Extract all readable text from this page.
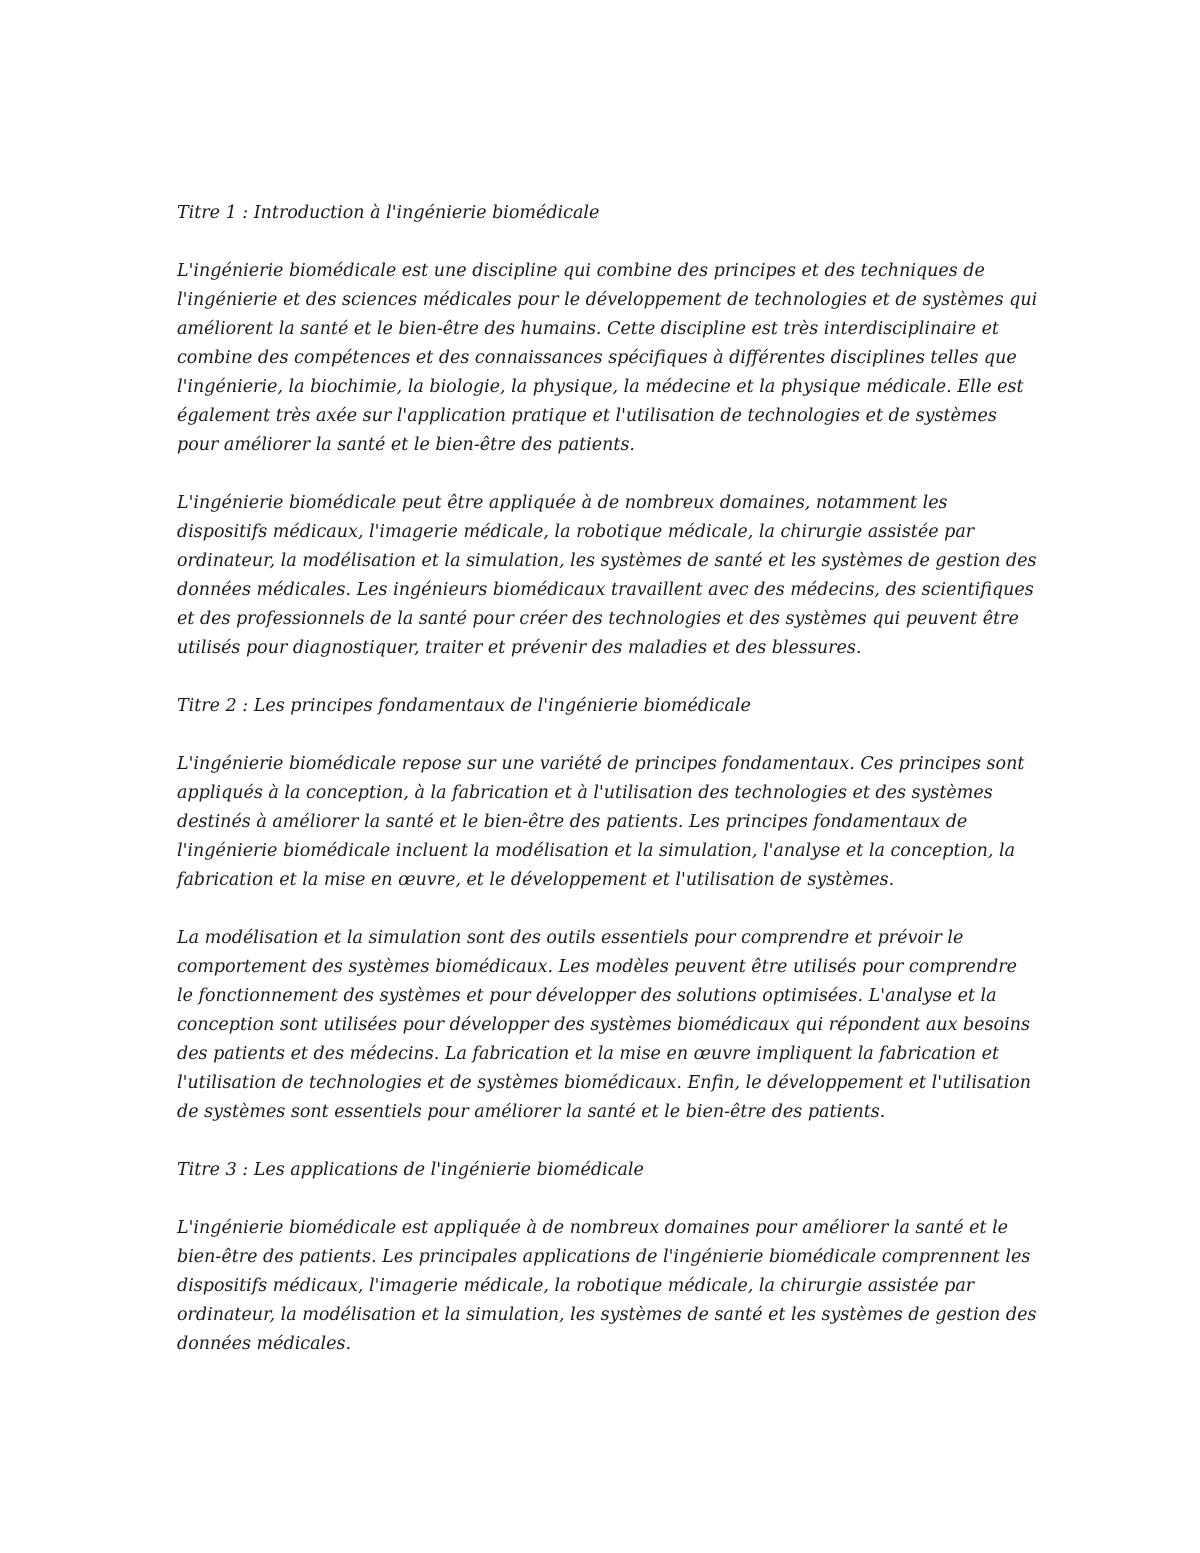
Titre 1 : Introduction à l'ingénierie biomédicale

L'ingénierie biomédicale est une discipline qui combine des principes et des techniques de
l'ingénierie et des sciences médicales pour le développement de technologies et de systèmes qui
améliorent la santé et le bien-être des humains. Cette discipline est très interdisciplinaire et
combine des compétences et des connaissances spécifiques à différentes disciplines telles que
l'ingénierie, la biochimie, la biologie, la physique, la médecine et la physique médicale. Elle est
également très axée sur l'application pratique et l'utilisation de technologies et de systèmes
pour améliorer la santé et le bien-être des patients.

L'ingénierie biomédicale peut être appliquée à de nombreux domaines, notamment les
dispositifs médicaux, l'imagerie médicale, la robotique médicale, la chirurgie assistée par
ordinateur, la modélisation et la simulation, les systèmes de santé et les systèmes de gestion des
données médicales. Les ingénieurs biomédicaux travaillent avec des médecins, des scientifiques
et des professionnels de la santé pour créer des technologies et des systèmes qui peuvent être
utilisés pour diagnostiquer, traiter et prévenir des maladies et des blessures.

Titre 2 : Les principes fondamentaux de l'ingénierie biomédicale

L'ingénierie biomédicale repose sur une variété de principes fondamentaux. Ces principes sont
appliqués à la conception, à la fabrication et à l'utilisation des technologies et des systèmes
destinés à améliorer la santé et le bien-être des patients. Les principes fondamentaux de
l'ingénierie biomédicale incluent la modélisation et la simulation, l'analyse et la conception, la
fabrication et la mise en œuvre, et le développement et l'utilisation de systèmes.

La modélisation et la simulation sont des outils essentiels pour comprendre et prévoir le
comportement des systèmes biomédicaux. Les modèles peuvent être utilisés pour comprendre
le fonctionnement des systèmes et pour développer des solutions optimisées. L'analyse et la
conception sont utilisées pour développer des systèmes biomédicaux qui répondent aux besoins
des patients et des médecins. La fabrication et la mise en œuvre impliquent la fabrication et
l'utilisation de technologies et de systèmes biomédicaux. Enfin, le développement et l'utilisation
de systèmes sont essentiels pour améliorer la santé et le bien-être des patients.

Titre 3 : Les applications de l'ingénierie biomédicale

L'ingénierie biomédicale est appliquée à de nombreux domaines pour améliorer la santé et le
bien-être des patients. Les principales applications de l'ingénierie biomédicale comprennent les
dispositifs médicaux, l'imagerie médicale, la robotique médicale, la chirurgie assistée par
ordinateur, la modélisation et la simulation, les systèmes de santé et les systèmes de gestion des
données médicales.
